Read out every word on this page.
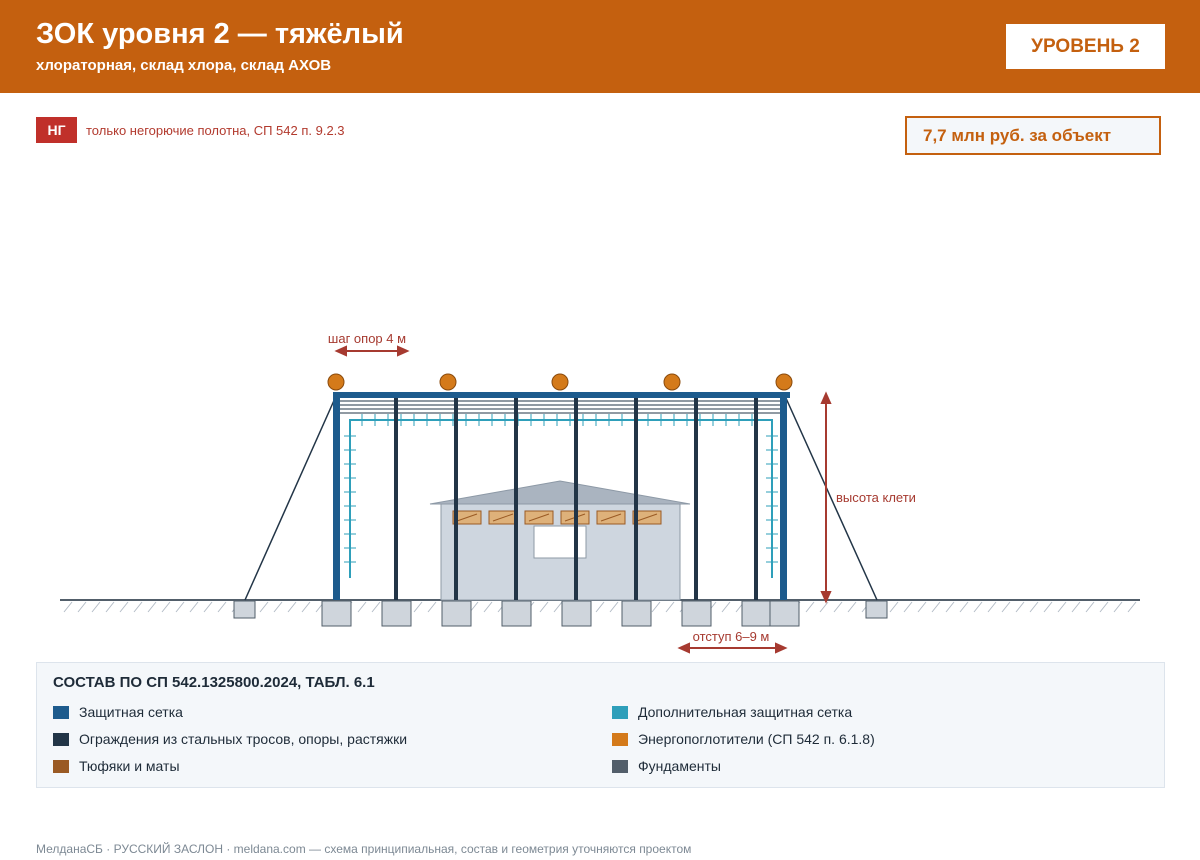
ЗОК уровня 2 — тяжёлый
хлораторная, склад хлора, склад АХОВ
УРОВЕНЬ 2
НГ	только негорючие полотна, СП 542 п. 9.2.3	7,7 млн руб. за объект
шаг опор 4 м
высота клети
отступ 6–9 м
СОСТАВ ПО СП 542.1325800.2024, ТАБЛ. 6.1
Защитная сетка	Дополнительная защитная сетка
Ограждения из стальных тросов, опоры, растяжки	Энергопоглотители (СП 542 п. 6.1.8)
Тюфяки и маты	Фундаменты
МелданаСБ · РУССКИЙ ЗАСЛОН · meldana.com — схема принципиальная, состав и геометрия уточняются проектом
